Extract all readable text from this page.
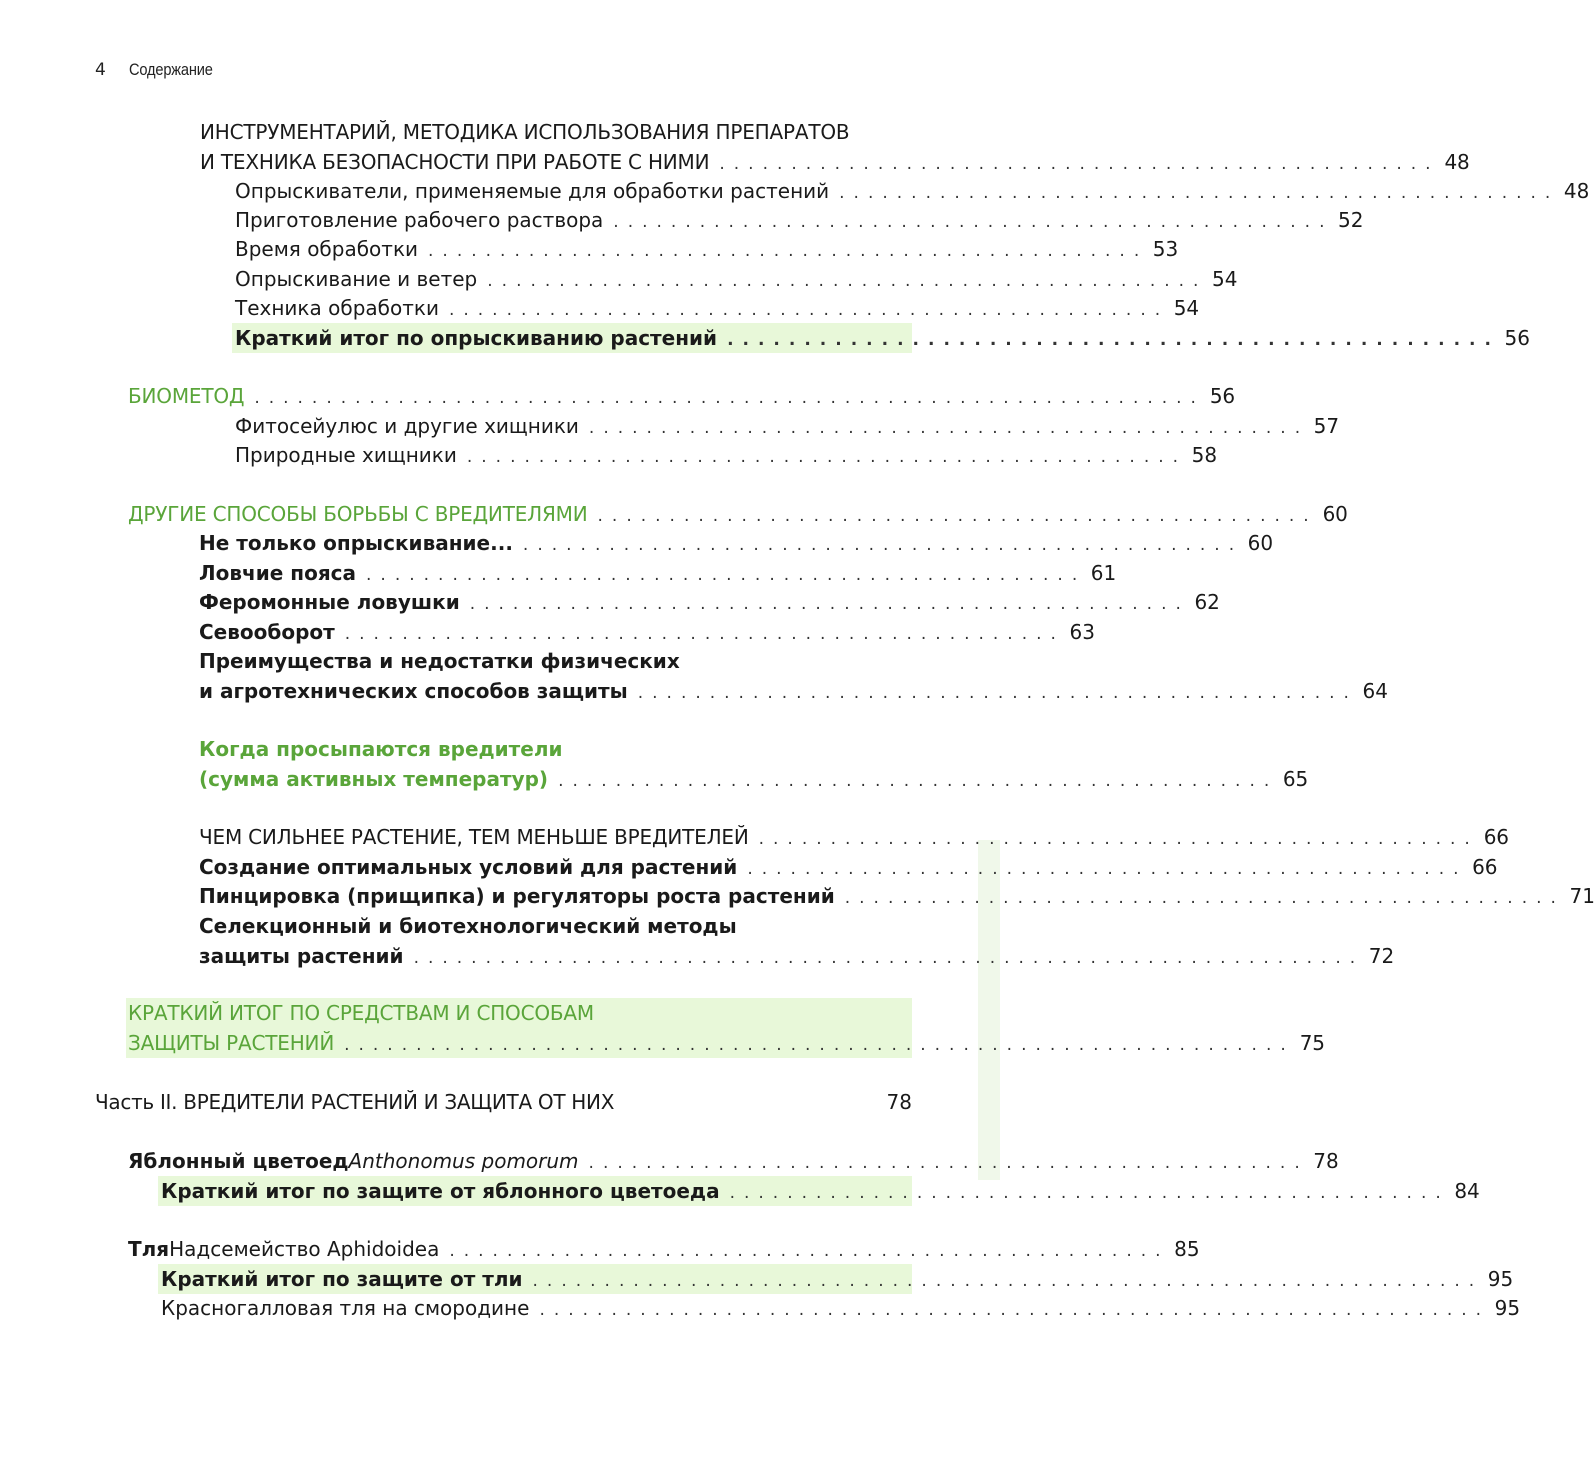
4 Содержание
ИНСТРУМЕНТАРИЙ, МЕТОДИКА ИСПОЛЬЗОВАНИЯ ПРЕПАРАТОВ
И ТЕХНИКА БЕЗОПАСНОСТИ ПРИ РАБОТЕ С НИМИ .................................................. 48
Опрыскиватели, применяемые для обработки растений .................................................. 48
Приготовление рабочего раствора .................................................. 52
Время обработки .................................................. 53
Опрыскивание и ветер .................................................. 54
Техника обработки .................................................. 54
Краткий итог по опрыскиванию растений .................................................. 56
БИОМЕТОД .................................................................. 56
Фитосейулюс и другие хищники .................................................. 57
Природные хищники .................................................. 58
ДРУГИЕ СПОСОБЫ БОРЬБЫ С ВРЕДИТЕЛЯМИ .................................................. 60
Не только опрыскивание... .................................................. 60
Ловчие пояса .................................................. 61
Феромонные ловушки .................................................. 62
Севооборот .................................................. 63
Преимущества и недостатки физических
и агротехнических способов защиты .................................................. 64
Когда просыпаются вредители
(сумма активных температур) .................................................. 65
ЧЕМ СИЛЬНЕЕ РАСТЕНИЕ, ТЕМ МЕНЬШЕ ВРЕДИТЕЛЕЙ .................................................. 66
Создание оптимальных условий для растений .................................................. 66
Пинцировка (прищипка) и регуляторы роста растений .................................................. 71
Селекционный и биотехнологический методы
защиты растений .................................................................. 72
КРАТКИЙ ИТОГ ПО СРЕДСТВАМ И СПОСОБАМ
ЗАЩИТЫ РАСТЕНИЙ .................................................................. 75
Часть II. ВРЕДИТЕЛИ РАСТЕНИЙ И ЗАЩИТА ОТ НИХ	78
Яблонный цветоед Anthonomus pomorum .................................................. 78
Краткий итог по защите от яблонного цветоеда .................................................. 84
Тля Надсемейство Aphidoidea .................................................. 85
Краткий итог по защите от тли .................................................................. 95
Красногалловая тля на смородине .................................................................. 95
